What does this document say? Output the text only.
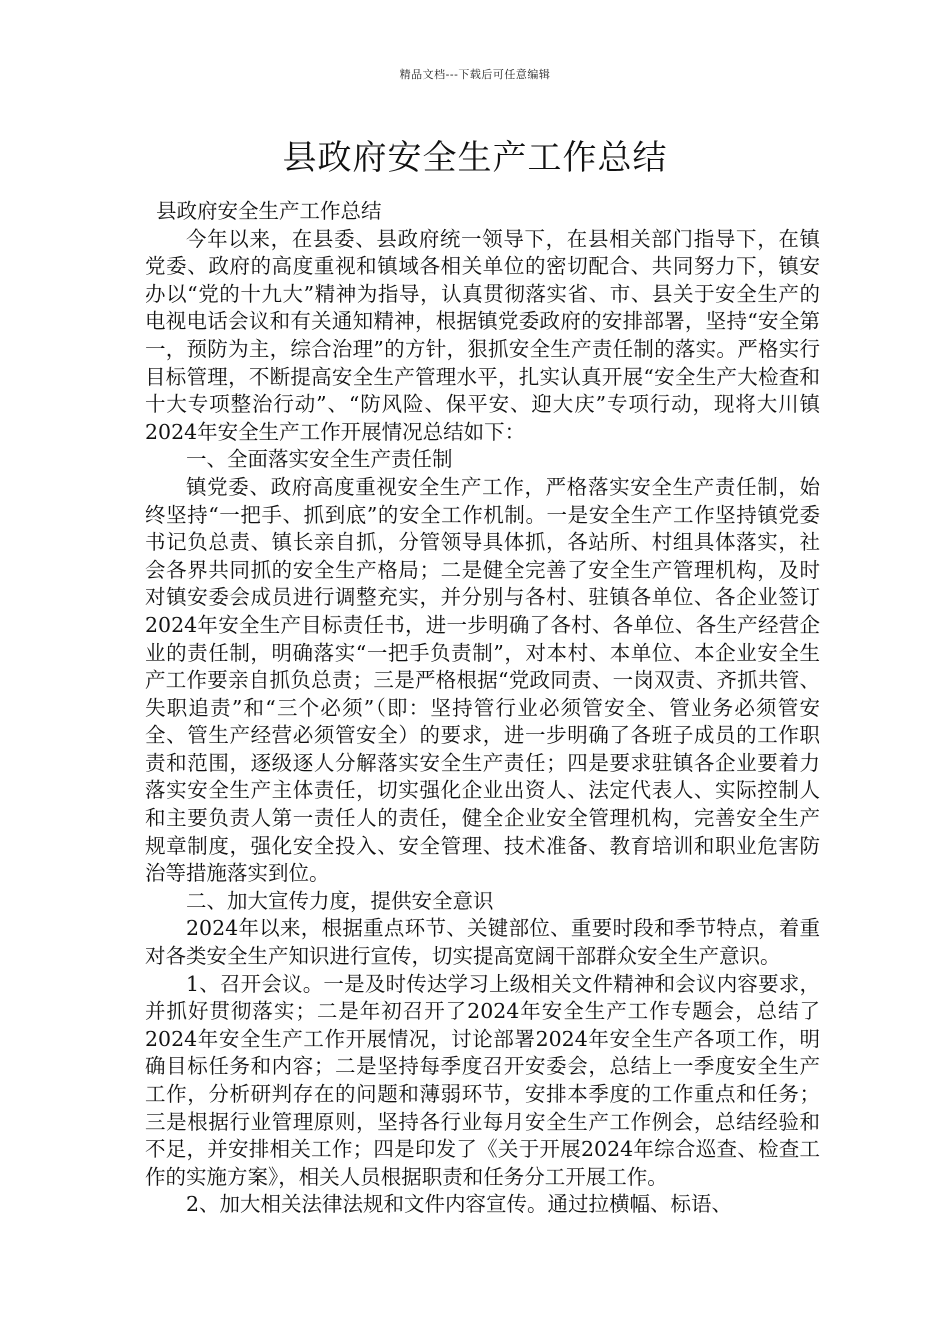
精品文档---下载后可任意编辑
县政府安全生产工作总结

县政府安全生产工作总结

今年以来，在县委、县政府统一领导下，在县相关部门指导下，在镇党委、政府的高度重视和镇域各相关单位的密切配合、共同努力下，镇安办以“党的十九大”精神为指导，认真贯彻落实省、市、县关于安全生产的电视电话会议和有关通知精神，根据镇党委政府的安排部署，坚持“安全第一，预防为主，综合治理”的方针，狠抓安全生产责任制的落实。严格实行目标管理，不断提高安全生产管理水平，扎实认真开展“安全生产大检查和十大专项整治行动”、“防风险、保平安、迎大庆”专项行动，现将大川镇2024年安全生产工作开展情况总结如下：

一、全面落实安全生产责任制

镇党委、政府高度重视安全生产工作，严格落实安全生产责任制，始终坚持“一把手、抓到底”的安全工作机制。一是安全生产工作坚持镇党委书记负总责、镇长亲自抓，分管领导具体抓，各站所、村组具体落实，社会各界共同抓的安全生产格局；二是健全完善了安全生产管理机构，及时对镇安委会成员进行调整充实，并分别与各村、驻镇各单位、各企业签订2024年安全生产目标责任书，进一步明确了各村、各单位、各生产经营企业的责任制，明确落实“一把手负责制”，对本村、本单位、本企业安全生产工作要亲自抓负总责；三是严格根据“党政同责、一岗双责、齐抓共管、失职追责”和“三个必须”（即：坚持管行业必须管安全、管业务必须管安全、管生产经营必须管安全）的要求，进一步明确了各班子成员的工作职责和范围，逐级逐人分解落实安全生产责任；四是要求驻镇各企业要着力落实安全生产主体责任，切实强化企业出资人、法定代表人、实际控制人和主要负责人第一责任人的责任，健全企业安全管理机构，完善安全生产规章制度，强化安全投入、安全管理、技术准备、教育培训和职业危害防治等措施落实到位。

二、加大宣传力度，提供安全意识

2024年以来，根据重点环节、关键部位、重要时段和季节特点，着重对各类安全生产知识进行宣传，切实提高宽阔干部群众安全生产意识。

1、召开会议。一是及时传达学习上级相关文件精神和会议内容要求，并抓好贯彻落实；二是年初召开了2024年安全生产工作专题会，总结了2024年安全生产工作开展情况，讨论部署2024年安全生产各项工作，明确目标任务和内容；二是坚持每季度召开安委会，总结上一季度安全生产工作，分析研判存在的问题和薄弱环节，安排本季度的工作重点和任务；三是根据行业管理原则，坚持各行业每月安全生产工作例会，总结经验和不足，并安排相关工作；四是印发了《关于开展2024年综合巡查、检查工作的实施方案》，相关人员根据职责和任务分工开展工作。

2、加大相关法律法规和文件内容宣传。通过拉横幅、标语、
